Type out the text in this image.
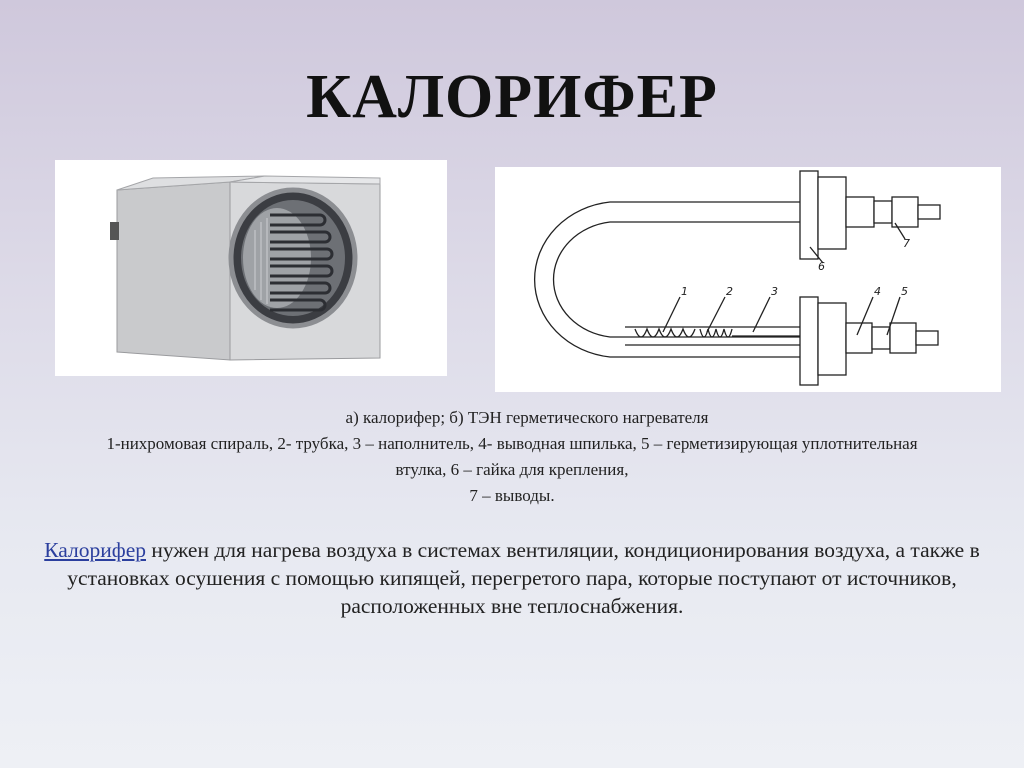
КАЛОРИФЕР
1	2	3	4 5
6
7
а) калорифер; б) ТЭН герметического нагревателя
1-нихромовая спираль, 2- трубка, 3 – наполнитель, 4- выводная шпилька, 5 – герметизирующая уплотнительная
втулка, 6 – гайка для крепления,
7 – выводы.
Калорифер нужен для нагрева воздуха в системах вентиляции, кондиционирования воздуха, а также в установках осушения с помощью кипящей, перегретого пара, которые поступают от источников, расположенных вне теплоснабжения.
